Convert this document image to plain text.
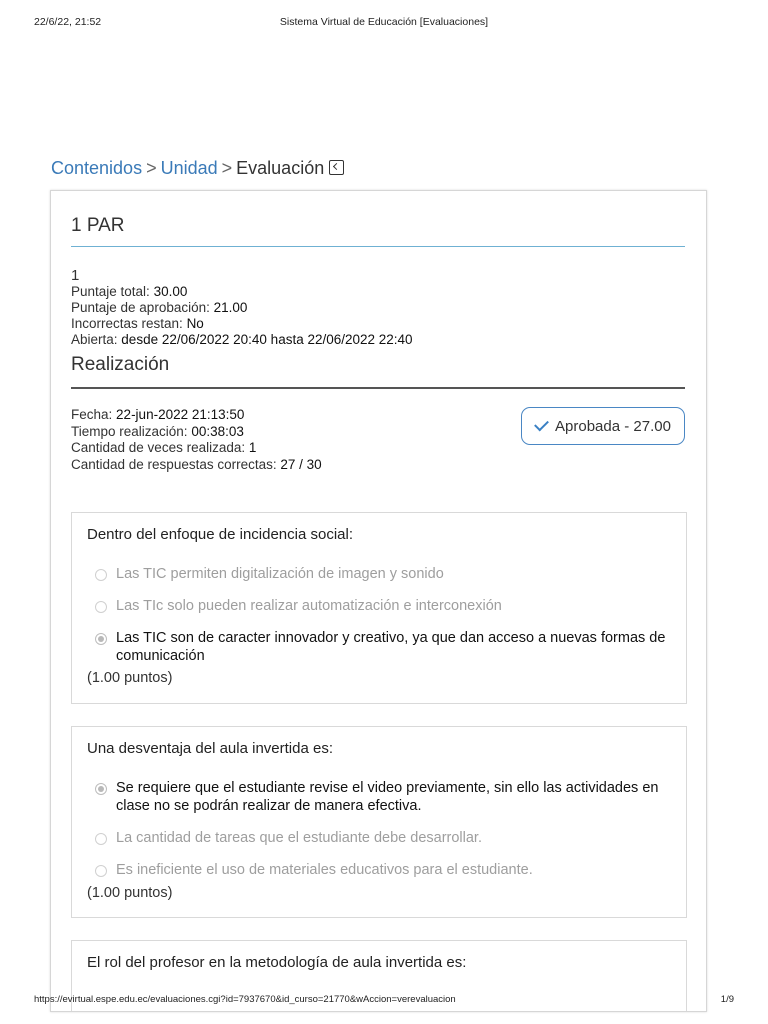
22/6/22, 21:52	Sistema Virtual de Educación [Evaluaciones]
Contenidos > Unidad > Evaluación
1 PAR
1
Puntaje total: 30.00
Puntaje de aprobación: 21.00
Incorrectas restan: No
Abierta: desde 22/06/2022 20:40 hasta 22/06/2022 22:40
Realización
Fecha: 22-jun-2022 21:13:50
Tiempo realización: 00:38:03
Cantidad de veces realizada: 1
Cantidad de respuestas correctas: 27 / 30
Aprobada - 27.00
Dentro del enfoque de incidencia social:
Las TIC permiten digitalización de imagen y sonido
Las TIc solo pueden realizar automatización e interconexión
Las TIC son de caracter innovador y creativo, ya que dan acceso a nuevas formas de comunicación
(1.00 puntos)
Una desventaja del aula invertida es:
Se requiere que el estudiante revise el video previamente, sin ello las actividades en clase no se podrán realizar de manera efectiva.
La cantidad de tareas que el estudiante debe desarrollar.
Es ineficiente el uso de materiales educativos para el estudiante.
(1.00 puntos)
El rol del profesor en la metodología de aula invertida es:
https://evirtual.espe.edu.ec/evaluaciones.cgi?id=7937670&id_curso=21770&wAccion=verevaluacion	1/9
